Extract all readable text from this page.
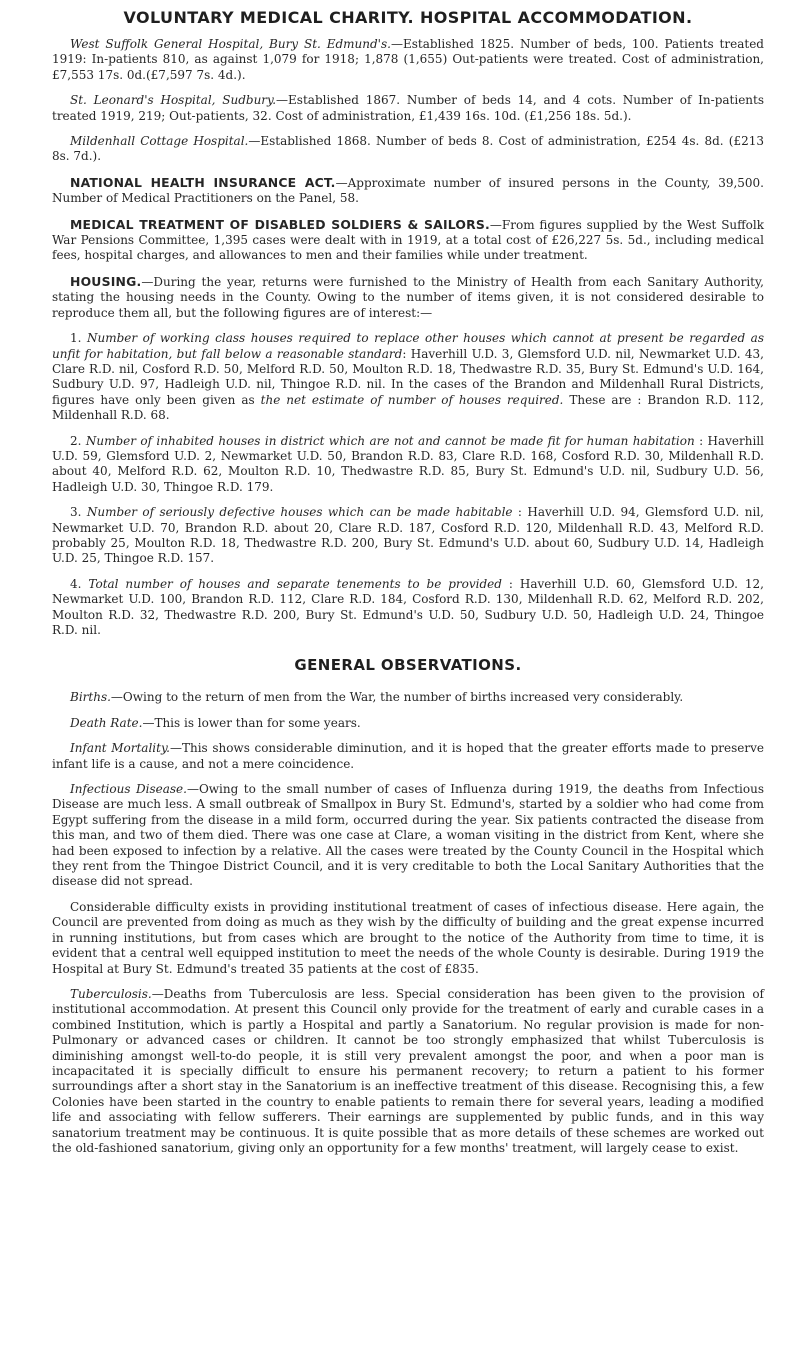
VOLUNTARY MEDICAL CHARITY. HOSPITAL ACCOMMODATION.

West Suffolk General Hospital, Bury St. Edmund's.—Established 1825. Number of beds, 100. Patients treated 1919: In-patients 810, as against 1,079 for 1918; 1,878 (1,655) Out-patients were treated. Cost of administration, £7,553 17s. 0d.(£7,597 7s. 4d.).

St. Leonard's Hospital, Sudbury.—Established 1867. Number of beds 14, and 4 cots. Number of In-patients treated 1919, 219; Out-patients, 32. Cost of administration, £1,439 16s. 10d. (£1,256 18s. 5d.).

Mildenhall Cottage Hospital.—Established 1868. Number of beds 8. Cost of administration, £254 4s. 8d. (£213 8s. 7d.).

NATIONAL HEALTH INSURANCE ACT.—Approximate number of insured persons in the County, 39,500. Number of Medical Practitioners on the Panel, 58.

MEDICAL TREATMENT OF DISABLED SOLDIERS & SAILORS.—From figures supplied by the West Suffolk War Pensions Committee, 1,395 cases were dealt with in 1919, at a total cost of £26,227 5s. 5d., including medical fees, hospital charges, and allowances to men and their families while under treatment.

HOUSING.—During the year, returns were furnished to the Ministry of Health from each Sanitary Authority, stating the housing needs in the County. Owing to the number of items given, it is not considered desirable to reproduce them all, but the following figures are of interest:—

1. Number of working class houses required to replace other houses which cannot at present be regarded as unfit for habitation, but fall below a reasonable standard: Haverhill U.D. 3, Glemsford U.D. nil, Newmarket U.D. 43, Clare R.D. nil, Cosford R.D. 50, Melford R.D. 50, Moulton R.D. 18, Thedwastre R.D. 35, Bury St. Edmund's U.D. 164, Sudbury U.D. 97, Hadleigh U.D. nil, Thingoe R.D. nil. In the cases of the Brandon and Mildenhall Rural Districts, figures have only been given as the net estimate of number of houses required. These are : Brandon R.D. 112, Mildenhall R.D. 68.

2. Number of inhabited houses in district which are not and cannot be made fit for human habitation : Haverhill U.D. 59, Glemsford U.D. 2, Newmarket U.D. 50, Brandon R.D. 83, Clare R.D. 168, Cosford R.D. 30, Mildenhall R.D. about 40, Melford R.D. 62, Moulton R.D. 10, Thedwastre R.D. 85, Bury St. Edmund's U.D. nil, Sudbury U.D. 56, Hadleigh U.D. 30, Thingoe R.D. 179.

3. Number of seriously defective houses which can be made habitable : Haverhill U.D. 94, Glemsford U.D. nil, Newmarket U.D. 70, Brandon R.D. about 20, Clare R.D. 187, Cosford R.D. 120, Mildenhall R.D. 43, Melford R.D. probably 25, Moulton R.D. 18, Thedwastre R.D. 200, Bury St. Edmund's U.D. about 60, Sudbury U.D. 14, Hadleigh U.D. 25, Thingoe R.D. 157.

4. Total number of houses and separate tenements to be provided : Haverhill U.D. 60, Glemsford U.D. 12, Newmarket U.D. 100, Brandon R.D. 112, Clare R.D. 184, Cosford R.D. 130, Mildenhall R.D. 62, Melford R.D. 202, Moulton R.D. 32, Thedwastre R.D. 200, Bury St. Edmund's U.D. 50, Sudbury U.D. 50, Hadleigh U.D. 24, Thingoe R.D. nil.

GENERAL OBSERVATIONS.

Births.—Owing to the return of men from the War, the number of births increased very considerably.

Death Rate.—This is lower than for some years.

Infant Mortality.—This shows considerable diminution, and it is hoped that the greater efforts made to preserve infant life is a cause, and not a mere coincidence.

Infectious Disease.—Owing to the small number of cases of Influenza during 1919, the deaths from Infectious Disease are much less. A small outbreak of Smallpox in Bury St. Edmund's, started by a soldier who had come from Egypt suffering from the disease in a mild form, occurred during the year. Six patients contracted the disease from this man, and two of them died. There was one case at Clare, a woman visiting in the district from Kent, where she had been exposed to infection by a relative. All the cases were treated by the County Council in the Hospital which they rent from the Thingoe District Council, and it is very creditable to both the Local Sanitary Authorities that the disease did not spread.

Considerable difficulty exists in providing institutional treatment of cases of infectious disease. Here again, the Council are prevented from doing as much as they wish by the difficulty of building and the great expense incurred in running institutions, but from cases which are brought to the notice of the Authority from time to time, it is evident that a central well equipped institution to meet the needs of the whole County is desirable. During 1919 the Hospital at Bury St. Edmund's treated 35 patients at the cost of £835.

Tuberculosis.—Deaths from Tuberculosis are less. Special consideration has been given to the provision of institutional accommodation. At present this Council only provide for the treatment of early and curable cases in a combined Institution, which is partly a Hospital and partly a Sanatorium. No regular provision is made for non-Pulmonary or advanced cases or children. It cannot be too strongly emphasized that whilst Tuberculosis is diminishing amongst well-to-do people, it is still very prevalent amongst the poor, and when a poor man is incapacitated it is specially difficult to ensure his permanent recovery; to return a patient to his former surroundings after a short stay in the Sanatorium is an ineffective treatment of this disease. Recognising this, a few Colonies have been started in the country to enable patients to remain there for several years, leading a modified life and associating with fellow sufferers. Their earnings are supplemented by public funds, and in this way sanatorium treatment may be continuous. It is quite possible that as more details of these schemes are worked out the old-fashioned sanatorium, giving only an opportunity for a few months' treatment, will largely cease to exist.
